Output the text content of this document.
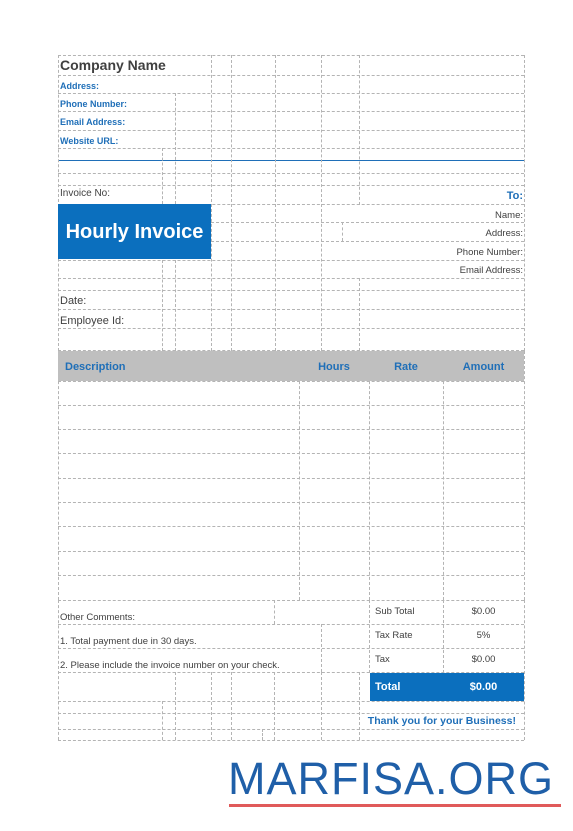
Company Name
Address:
Phone Number:
Email Address:
Website URL:
Invoice No:
Hourly Invoice
Date:
Employee Id:
To:
Name:
Address:
Phone Number:
Email Address:
Description	Hours	Rate	Amount
Other Comments:
1. Total payment due in 30 days.
2. Please include the invoice number on your check.
Sub Total	$0.00
Tax Rate	5%
Tax	$0.00
Total	$0.00
Thank you for your Business!
MARFISA.ORG
